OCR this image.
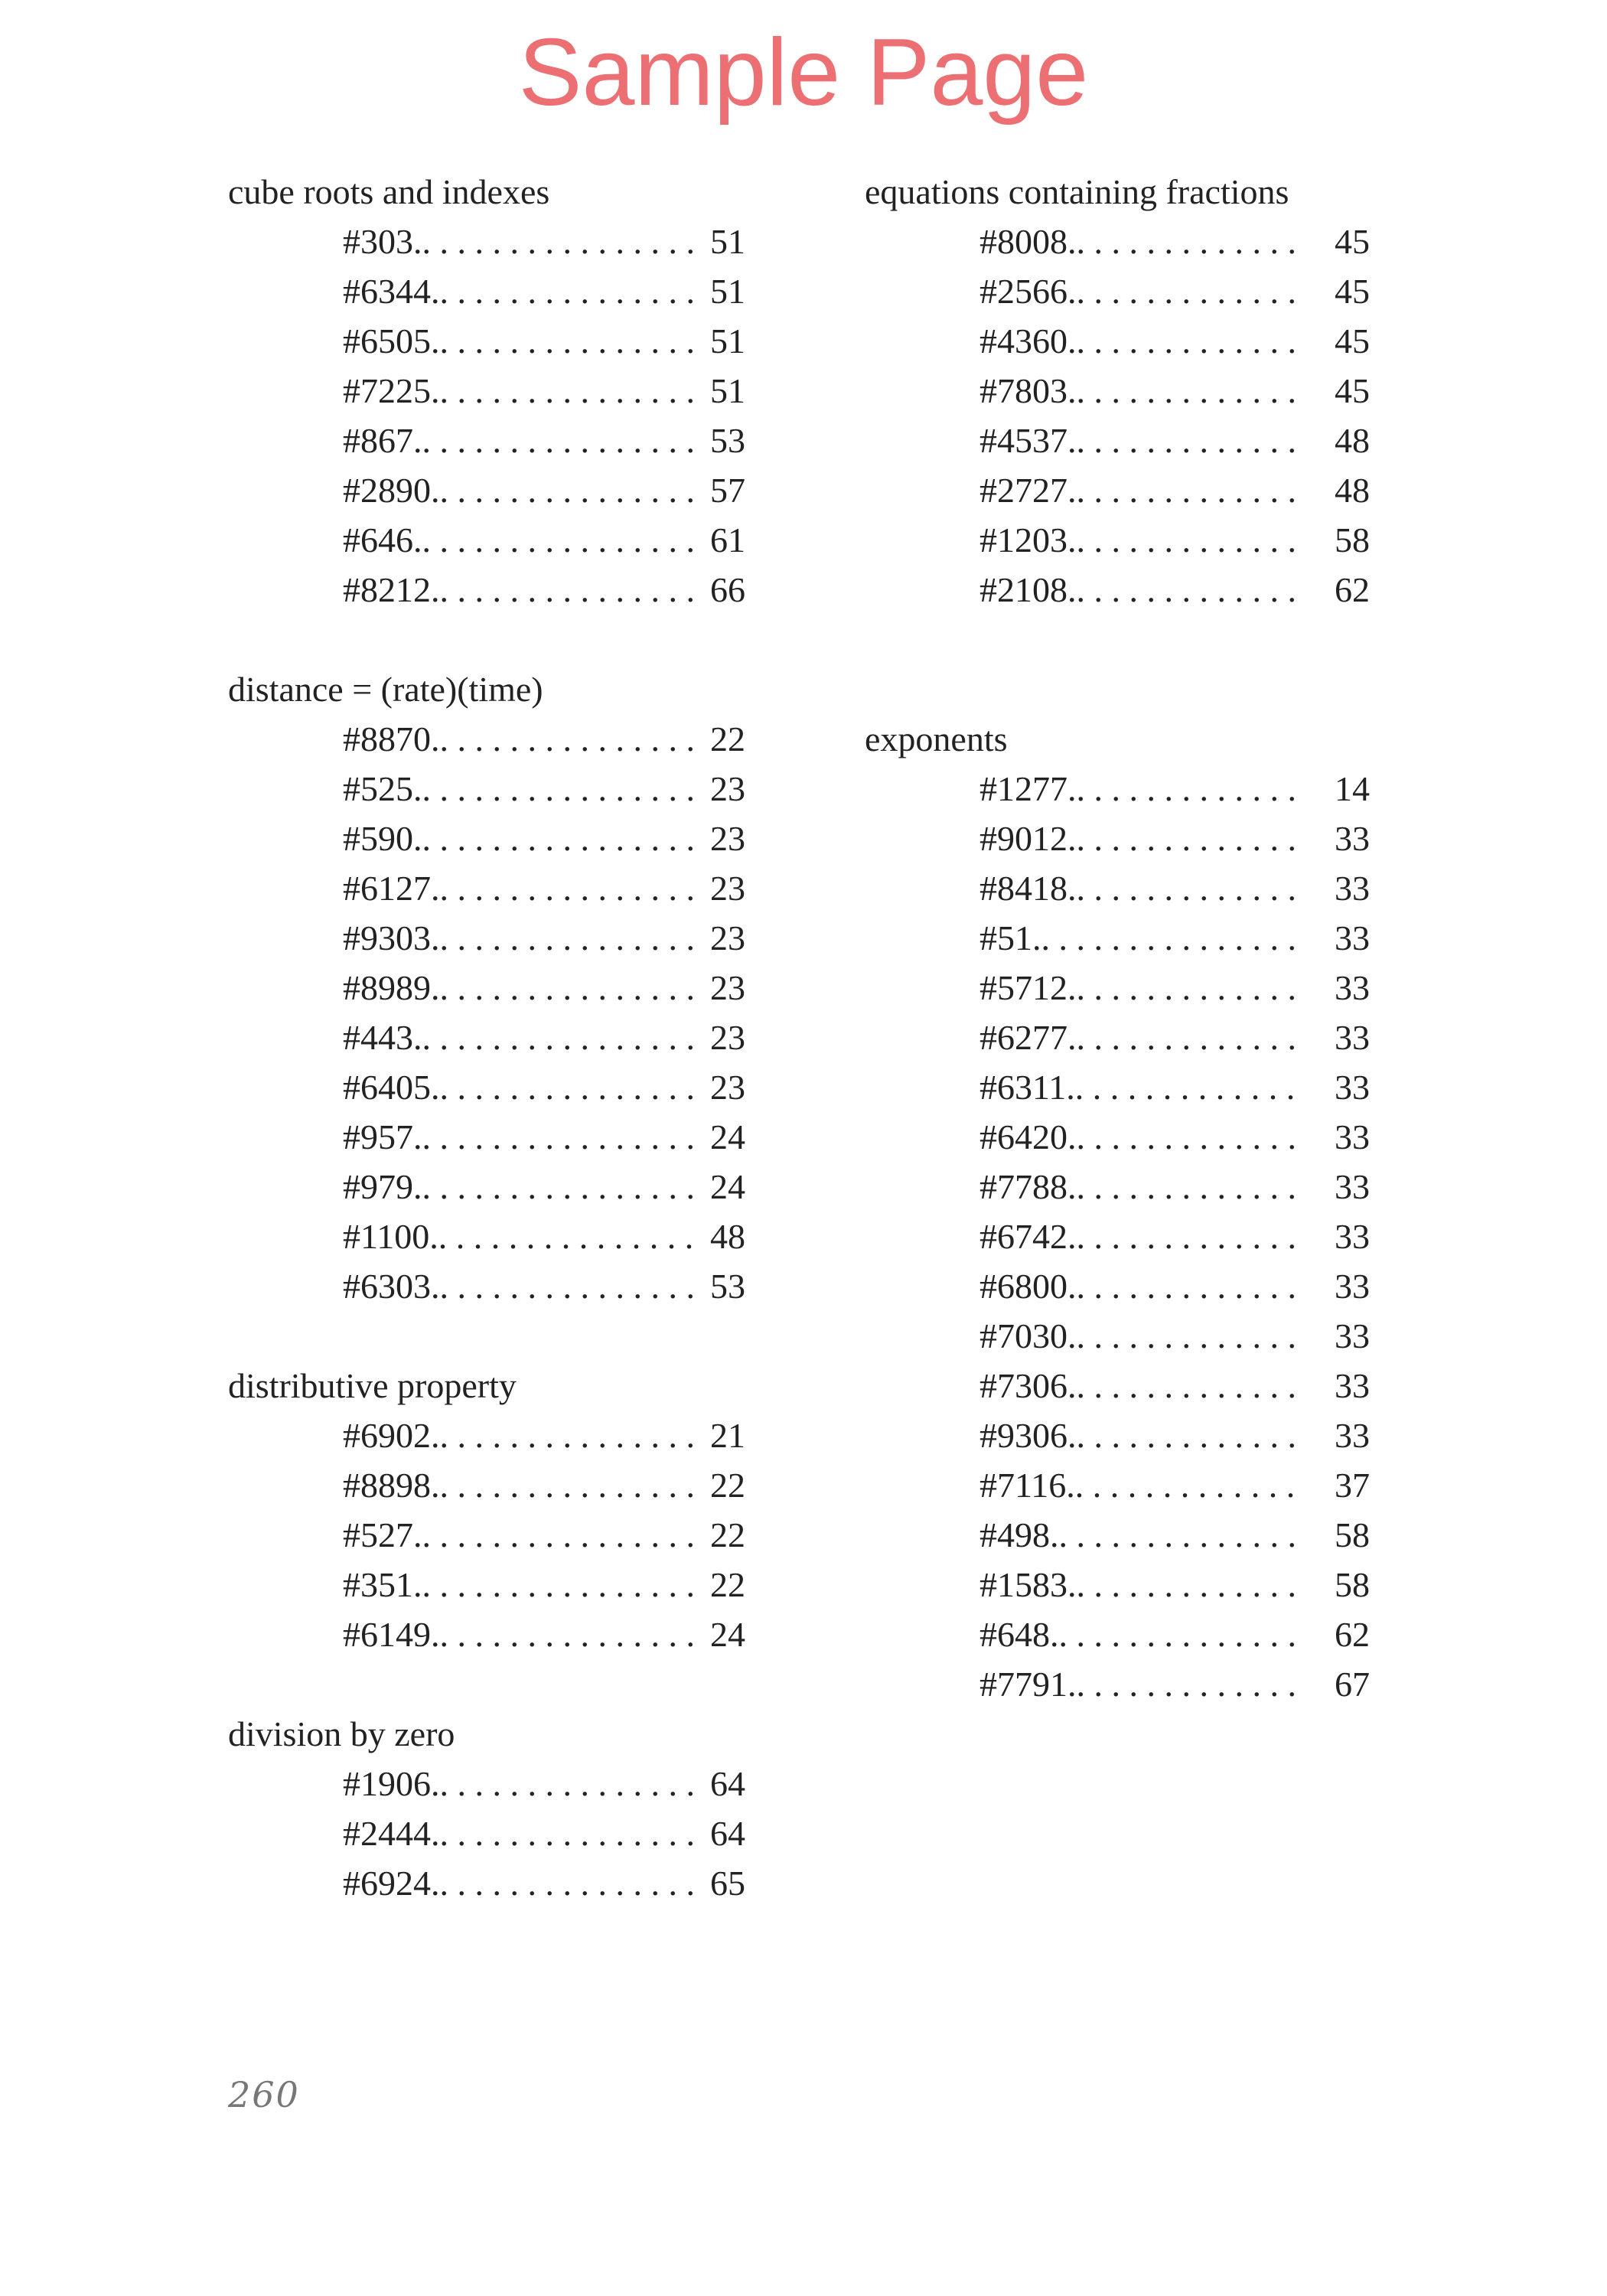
Sample Page
cube roots and indexes
#303. . . .	51
#6344. . . .	51
#6505. . . .	51
#7225. . . .	51
#867. . . .	53
#2890. . . .	57
#646. . . .	61
#8212. . . .	66
distance = (rate)(time)
#8870. . . .	22
#525. . . .	23
#590. . . .	23
#6127. . . .	23
#9303. . . .	23
#8989. . . .	23
#443. . . .	23
#6405. . . .	23
#957. . . .	24
#979. . . .	24
#1100. . . .	48
#6303. . . .	53
distributive property
#6902. . . .	21
#8898. . . .	22
#527. . . .	22
#351. . . .	22
#6149. . . .	24
division by zero
#1906. . . .	64
#2444. . . .	64
#6924. . . .	65
equations containing fractions
#8008. . . .	45
#2566. . . .	45
#4360. . . .	45
#7803. . . .	45
#4537. . . .	48
#2727. . . .	48
#1203. . . .	58
#2108. . . .	62
exponents
#1277. . . .	14
#9012. . . .	33
#8418. . . .	33
#51. . . .	33
#5712. . . .	33
#6277. . . .	33
#6311. . . .	33
#6420. . . .	33
#7788. . . .	33
#6742. . . .	33
#6800. . . .	33
#7030. . . .	33
#7306. . . .	33
#9306. . . .	33
#7116. . . .	37
#498. . . .	58
#1583. . . .	58
#648. . . .	62
#7791. . . .	67
260
